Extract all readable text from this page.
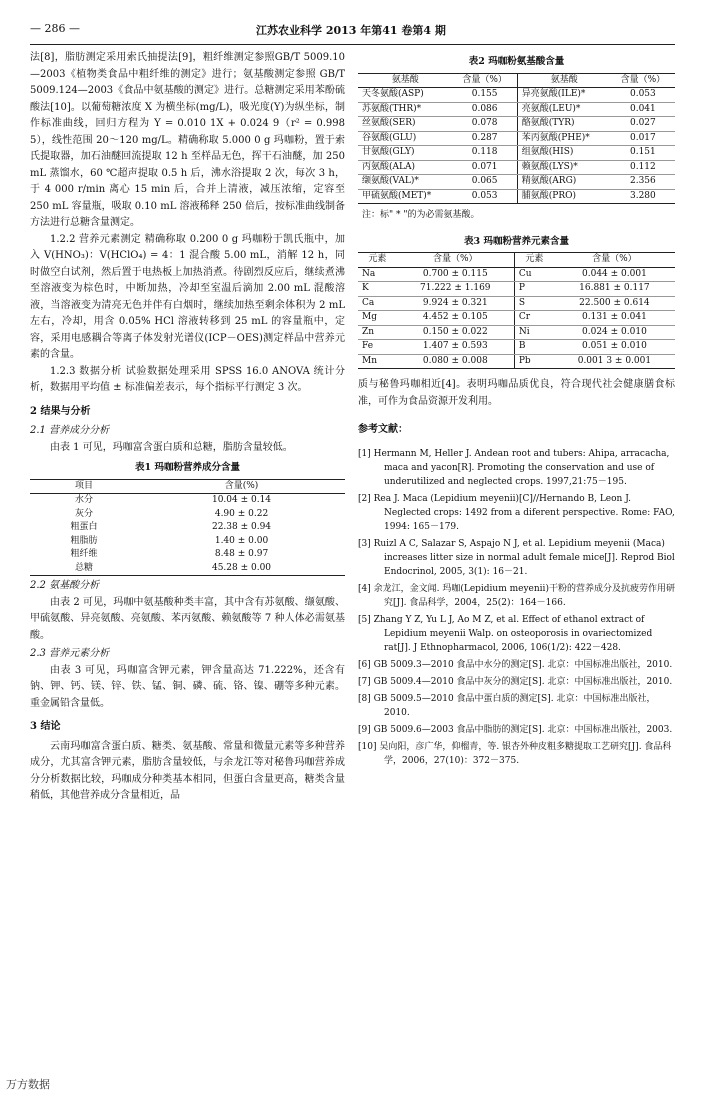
— 286 —	江苏农业科学 2013 年第41 卷第4 期

法[8]，脂肪测定采用索氏抽提法[9]，粗纤维测定参照GB/T 5009.10—2003《植物类食品中粗纤维的测定》进行；氨基酸测定参照 GB/T 5009.124—2003《食品中氨基酸的测定》进行。总糖测定采用苯酚硫酸法[10]。以葡萄糖浓度 X 为横坐标(mg/L)，吸光度(Y)为纵坐标，制作标准曲线，回归方程为 Y = 0.010 1X + 0.024 9（r² = 0.998 5），线性范围 20～120 mg/L。精确称取 5.000 0 g 玛咖粉，置于索氏提取器，加石油醚回流提取 12 h 至样品无色，挥干石油醚，加 250 mL 蒸馏水，60 ℃超声提取 0.5 h 后，沸水浴提取 2 次，每次 3 h，于 4 000 r/min 离心 15 min 后，合并上清液，减压浓缩，定容至 250 mL 容量瓶，吸取 0.10 mL 溶液稀释 250 倍后，按标准曲线制备方法进行总糖含量测定。

1.2.2 营养元素测定 精确称取 0.200 0 g 玛咖粉于凯氏瓶中，加入 V(HNO₃)：V(HClO₄) = 4：1 混合酸 5.00 mL，消解 12 h，同时做空白试剂，然后置于电热板上加热消煮。待剧烈反应后，继续煮沸至溶液变为棕色时，中断加热，冷却至室温后滴加 2.00 mL 混酸溶液，当溶液变为清亮无色并伴有白烟时，继续加热至剩余体积为 2 mL 左右，冷却，用含 0.05% HCl 溶液转移到 25 mL 的容量瓶中，定容，采用电感耦合等离子体发射光谱仪(ICP－OES)测定样品中营养元素的含量。

1.2.3 数据分析 试验数据处理采用 SPSS 16.0 ANOVA 统计分析，数据用平均值 ± 标准偏差表示，每个指标平行测定 3 次。

2 结果与分析

2.1 营养成分分析

由表 1 可见，玛咖富含蛋白质和总糖，脂肪含量较低。

表1 玛咖粉营养成分含量
项目	含量(%)
水分	10.04 ± 0.14
灰分	4.90 ± 0.22
粗蛋白	22.38 ± 0.94
粗脂肪	1.40 ± 0.00
粗纤维	8.48 ± 0.97
总糖	45.28 ± 0.00

2.2 氨基酸分析

由表 2 可见，玛咖中氨基酸种类丰富，其中含有苏氨酸、缬氨酸、甲硫氨酸、异亮氨酸、亮氨酸、苯丙氨酸、赖氨酸等 7 种人体必需氨基酸。

2.3 营养元素分析

由表 3 可见，玛咖富含钾元素，钾含量高达 71.222%，还含有钠、钾、钙、镁、锌、铁、锰、铜、磷、硫、铬、镍、硼等多种元素。重金属铅含量低。

3 结论

云南玛咖富含蛋白质、糖类、氨基酸、常量和微量元素等多种营养成分，尤其富含钾元素，脂肪含量较低，与余龙江等对秘鲁玛咖营养成分分析数据比较，玛咖成分种类基本相同，但蛋白含量更高，糖类含量稍低，其他营养成分含量相近，品

表2 玛咖粉氨基酸含量
氨基酸	含量（%）	氨基酸	含量（%）
天冬氨酸(ASP)	0.155	异亮氨酸(ILE)*	0.053
苏氨酸(THR)*	0.086	亮氨酸(LEU)*	0.041
丝氨酸(SER)	0.078	酪氨酸(TYR)	0.027
谷氨酸(GLU)	0.287	苯丙氨酸(PHE)*	0.017
甘氨酸(GLY)	0.118	组氨酸(HIS)	0.151
丙氨酸(ALA)	0.071	赖氨酸(LYS)*	0.112
缬氨酸(VAL)*	0.065	精氨酸(ARG)	2.356
甲硫氨酸(MET)*	0.053	脯氨酸(PRO)	3.280
注：标" * "的为必需氨基酸。
表3 玛咖粉营养元素含量
元素	含量（%）	元素	含量（%）
Na	0.700 ± 0.115	Cu	0.044 ± 0.001
K	71.222 ± 1.169	P	16.881 ± 0.117
Ca	9.924 ± 0.321	S	22.500 ± 0.614
Mg	4.452 ± 0.105	Cr	0.131 ± 0.041
Zn	0.150 ± 0.022	Ni	0.024 ± 0.010
Fe	1.407 ± 0.593	B	0.051 ± 0.010
Mn	0.080 ± 0.008	Pb	0.001 3 ± 0.001

质与秘鲁玛咖相近[4]。表明玛咖品质优良，符合现代社会健康膳食标准，可作为食品资源开发利用。

参考文献：

[1] Hermann M, Heller J. Andean root and tubers: Ahipa, arracacha, maca and yacon[R]. Promoting the conservation and use of underutilized and neglected crops. 1997,21:75－195.
[2] Rea J. Maca (Lepidium meyenii)[C]//Hernando B, Leon J. Neglected crops: 1492 from a diferent perspective. Rome: FAO, 1994: 165－179.
[3] Ruizl A C, Salazar S, Aspajo N J, et al. Lepidium meyenii (Maca) increases litter size in normal adult female mice[J]. Reprod Biol Endocrinol, 2005, 3(1): 16－21.
[4] 余龙江，金文闻. 玛咖(Lepidium meyenii)干粉的营养成分及抗疲劳作用研究[J]. 食品科学，2004，25(2)：164－166.
[5] Zhang Y Z, Yu L J, Ao M Z, et al. Effect of ethanol extract of Lepidium meyenii Walp. on osteoporosis in ovariectomized rat[J]. J Ethnopharmacol, 2006, 106(1/2): 422－428.
[6] GB 5009.3—2010 食品中水分的测定[S]. 北京：中国标准出版社，2010.
[7] GB 5009.4—2010 食品中灰分的测定[S]. 北京：中国标准出版社，2010.
[8] GB 5009.5—2010 食品中蛋白质的测定[S]. 北京：中国标准出版社，2010.
[9] GB 5009.6—2003 食品中脂肪的测定[S]. 北京：中国标准出版社，2003.
[10] 吴向阳，彦广华，仰榴青，等. 银杏外种皮粗多糖提取工艺研究[J]. 食品科学，2006，27(10)：372－375.
万方数据
